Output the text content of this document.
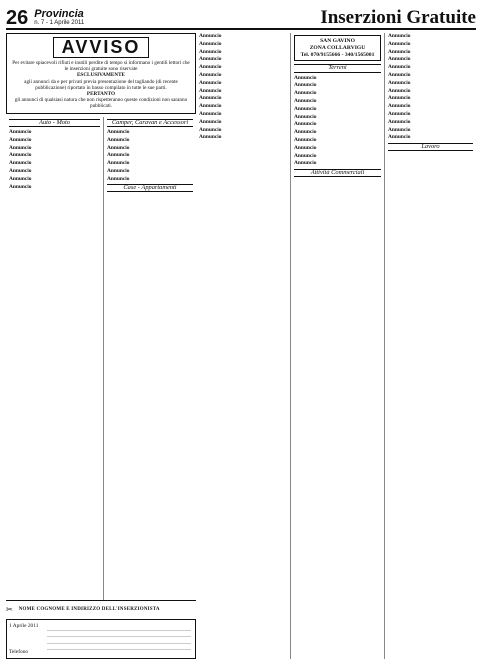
26 Provincia
n. 7 - 1 Aprile 2011	Inserzioni Gratuite
AVVISO
Per evitare spiacevoli rifiuti e inutili perdite di tempo si informano i gentili lettori che le inserzioni gratuite sono riservate
ESCLUSIVAMENTE
agli annunci da e per privati previa presentazione del tagliando (di recente pubblicazione) riportato in basso compilato in tutte le sue parti.
PERTANTO
gli annunci di qualsiasi natura che non rispetteranno queste condizioni non saranno pubblicati.
Auto - Moto
Annuncio
Annuncio
Annuncio
Annuncio
Annuncio
Annuncio
Annuncio
Annuncio
Camper, Caravan e Accessori
Annuncio
Annuncio
Annuncio
Annuncio
Annuncio
Annuncio
Annuncio
Case - Appartamenti
✂ NOME COGNOME E INDIRIZZO DELL'INSERZIONISTA
1 Aprile 2011
Telefono
Annuncio
Annuncio
Annuncio
Annuncio
Annuncio
Annuncio
Annuncio
Annuncio
Annuncio
Annuncio
Annuncio
Annuncio
Annuncio
Annuncio
SAN GAVINO
ZONA COLLARVIGU
Tel. 070/9155666 - 340/1565001
Terreni
Annuncio
Annuncio
Annuncio
Annuncio
Annuncio
Annuncio
Annuncio
Annuncio
Annuncio
Annuncio
Annuncio
Annuncio
Attività Commerciali
Annuncio
Annuncio
Annuncio
Annuncio
Annuncio
Annuncio
Annuncio
Annuncio
Annuncio
Annuncio
Annuncio
Annuncio
Annuncio
Annuncio
Lavoro
